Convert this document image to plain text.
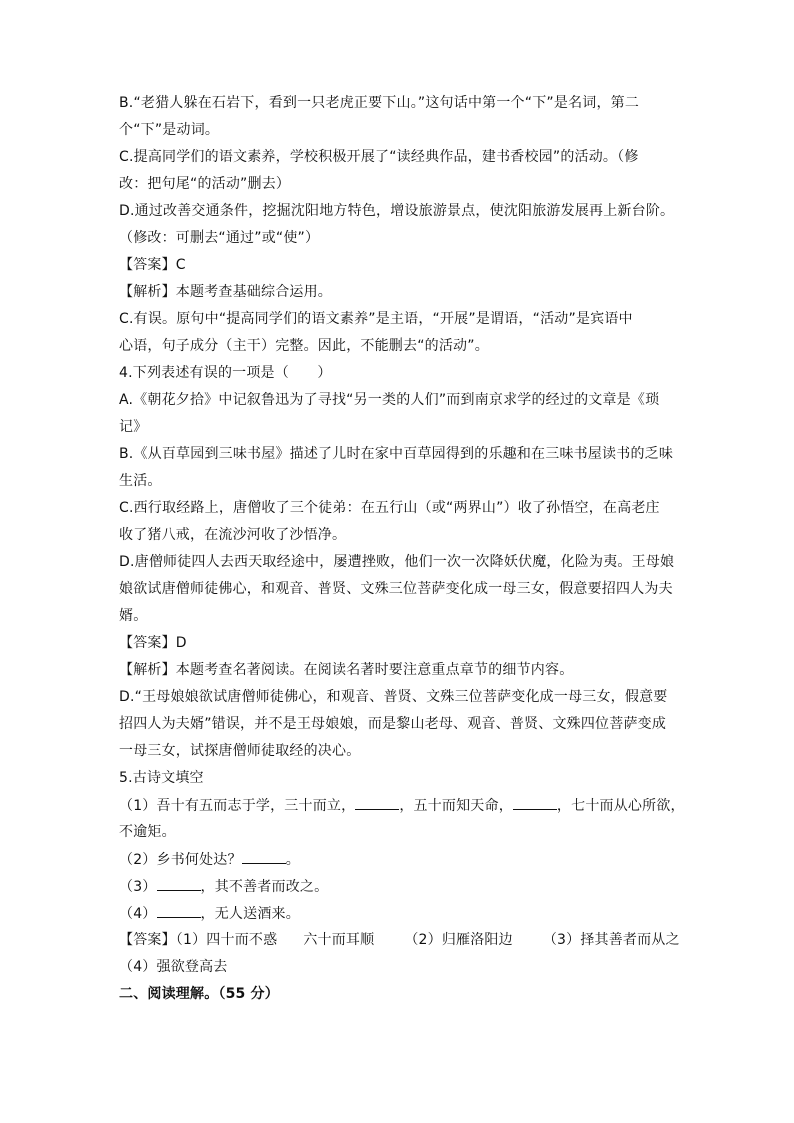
B.“老猎人躲在石岩下，看到一只老虎正要下山。”这句话中第一个“下”是名词，第二
个“下”是动词。
C.提高同学们的语文素养，学校积极开展了“读经典作品，建书香校园”的活动。（修
改：把句尾“的活动”删去）
D.通过改善交通条件，挖掘沈阳地方特色，增设旅游景点，使沈阳旅游发展再上新台阶。
（修改：可删去“通过”或“使”）
【答案】C
【解析】本题考查基础综合运用。
C.有误。原句中“提高同学们的语文素养”是主语，“开展”是谓语，“活动”是宾语中
心语，句子成分（主干）完整。因此，不能删去“的活动”。
4.下列表述有误的一项是（　　）
A.《朝花夕拾》中记叙鲁迅为了寻找“另一类的人们”而到南京求学的经过的文章是《琐
记》
B.《从百草园到三味书屋》描述了儿时在家中百草园得到的乐趣和在三味书屋读书的乏味
生活。
C.西行取经路上，唐僧收了三个徒弟：在五行山（或“两界山”）收了孙悟空，在高老庄
收了猪八戒，在流沙河收了沙悟净。
D.唐僧师徒四人去西天取经途中，屡遭挫败，他们一次一次降妖伏魔，化险为夷。王母娘
娘欲试唐僧师徒佛心，和观音、普贤、文殊三位菩萨变化成一母三女，假意要招四人为夫
婿。
【答案】D
【解析】本题考查名著阅读。在阅读名著时要注意重点章节的细节内容。
D.“王母娘娘欲试唐僧师徒佛心，和观音、普贤、文殊三位菩萨变化成一母三女，假意要
招四人为夫婿”错误，并不是王母娘娘，而是黎山老母、观音、普贤、文殊四位菩萨变成
一母三女，试探唐僧师徒取经的决心。
5.古诗文填空
（1）吾十有五而志于学，三十而立，	，五十而知天命，	，七十而从心所欲，
不逾矩。
（2）乡书何处达？	。
（3）	，其不善者而改之。
（4）	，无人送酒来。
【答案】（1）四十而不惑 六十而耳顺 （2）归雁洛阳边 （3）择其善者而从之
（4）强欲登高去
二、阅读理解。（55 分）
